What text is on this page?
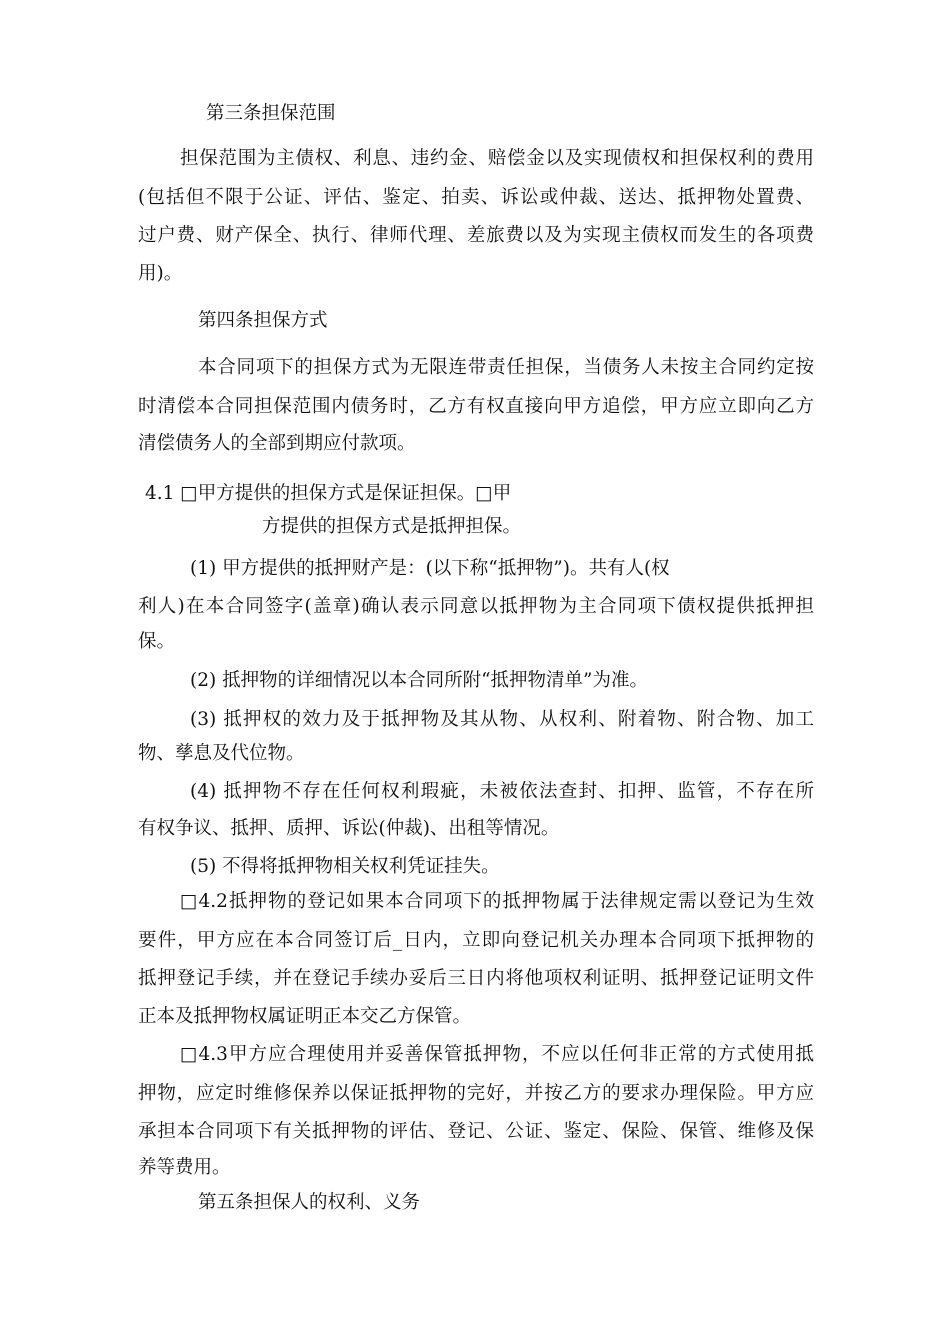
第三条担保范围
担保范围为主债权、利息、违约金、赔偿金以及实现债权和担保权利的费用
(包括但不限于公证、评估、鉴定、拍卖、诉讼或仲裁、送达、抵押物处置费、
过户费、财产保全、执行、律师代理、差旅费以及为实现主债权而发生的各项费
用)。
第四条担保方式
本合同项下的担保方式为无限连带责任担保，当债务人未按主合同约定按
时清偿本合同担保范围内债务时，乙方有权直接向甲方追偿，甲方应立即向乙方
清偿债务人的全部到期应付款项。
4.1 □甲方提供的担保方式是保证担保。□甲
方提供的担保方式是抵押担保。
(1) 甲方提供的抵押财产是：(以下称“抵押物”)。共有人(权
利人)在本合同签字(盖章)确认表示同意以抵押物为主合同项下债权提供抵押担
保。
(2) 抵押物的详细情况以本合同所附“抵押物清单”为准。
(3) 抵押权的效力及于抵押物及其从物、从权利、附着物、附合物、加工
物、孳息及代位物。
(4) 抵押物不存在任何权利瑕疵，未被依法查封、扣押、监管，不存在所
有权争议、抵押、质押、诉讼(仲裁)、出租等情况。
(5) 不得将抵押物相关权利凭证挂失。
□4.2抵押物的登记如果本合同项下的抵押物属于法律规定需以登记为生效
要件，甲方应在本合同签订后_日内，立即向登记机关办理本合同项下抵押物的
抵押登记手续，并在登记手续办妥后三日内将他项权利证明、抵押登记证明文件
正本及抵押物权属证明正本交乙方保管。
□4.3甲方应合理使用并妥善保管抵押物，不应以任何非正常的方式使用抵
押物，应定时维修保养以保证抵押物的完好，并按乙方的要求办理保险。甲方应
承担本合同项下有关抵押物的评估、登记、公证、鉴定、保险、保管、维修及保
养等费用。
第五条担保人的权利、义务
